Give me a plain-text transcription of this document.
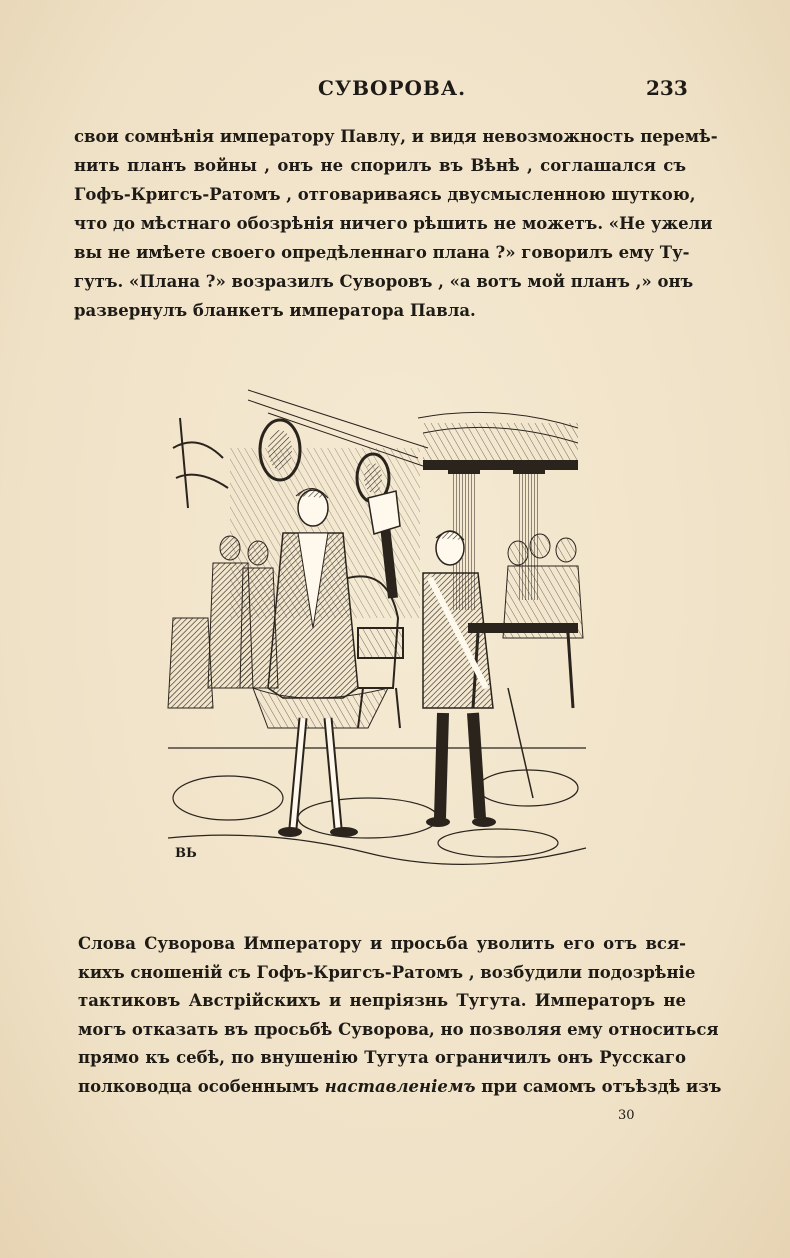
СУВОРОВА.	233
свои сомнѣнія императору Павлу, и видя невозможность перемѣ-
нить планъ войны , онъ не спорилъ въ Вѣнѣ , соглашался съ
Гофъ-Кригсъ-Ратомъ , отговариваясь двусмысленною шуткою,
что до мѣстнаго обозрѣнія ничего рѣшить не можетъ. «Не ужели
вы не имѣете своего опредѣленнаго плана ?» говорилъ ему Ту-
гутъ. «Плана ?» возразилъ Суворовъ , «а вотъ мой планъ ,» онъ
развернулъ бланкетъ императора Павла.
ВЬ
Слова Суворова Императору и просьба уволить его отъ вся-
кихъ сношеній съ Гофъ-Кригсъ-Ратомъ , возбудили подозрѣніе
тактиковъ Австрійскихъ и непріязнь Тугута. Императоръ не
могъ отказать въ просьбѣ Суворова, но позволяя ему относиться
прямо къ себѣ, по внушенію Тугута ограничилъ онъ Русскаго
полководца особеннымъ наставленіемъ при самомъ отъѣздѣ изъ
30
